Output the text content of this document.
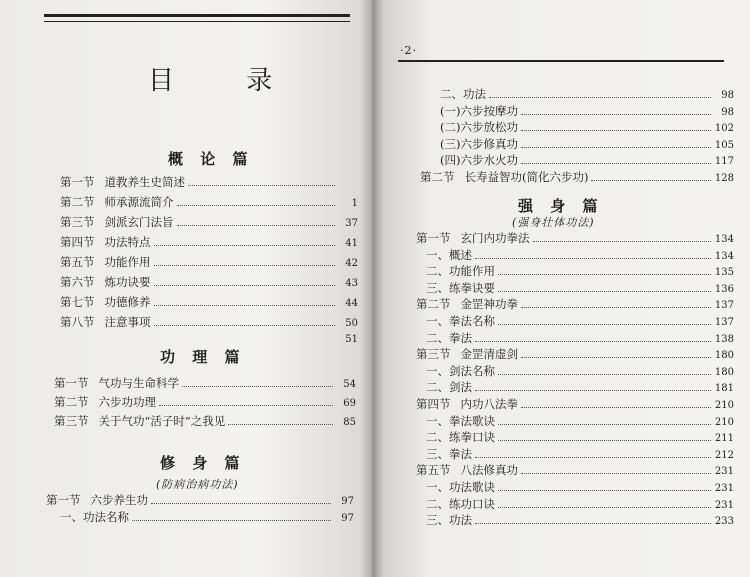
目 录
·2·
概 论 篇
第一节 道教养生史简述
第二节 师承源流简介	1
第三节 剑派玄门法旨	37
第四节 功法特点	41
第五节 功能作用	42
第六节 炼功诀要	43
第七节 功德修养	44
第八节 注意事项	50
功 理 篇
第一节 气功与生命科学	54
第二节 六步功功理	69
第三节 关于气功“活子时”之我见	85
修 身 篇
(防病治病功法)
第一节 六步养生功	97
一、功法名称	97
二、功法	98
(一)六步按摩功	98
(二)六步放松功	102
(三)六步修真功	105
(四)六步水火功	117
第二节 长寿益智功(简化六步功)	128
强 身 篇
(强身壮体功法)
第一节 玄门内功拳法	134
一、概述	134
二、功能作用	135
三、练拳诀要	136
第二节 金罡神功拳	137
一、拳法名称	137
二、拳法	138
第三节 金罡清虚剑	180
一、剑法名称	180
二、剑法	181
第四节 内功八法拳	210
一、拳法歌诀	210
二、练拳口诀	211
三、拳法	212
第五节 八法修真功	231
一、功法歌诀	231
二、练功口诀	231
三、功法	233
51
